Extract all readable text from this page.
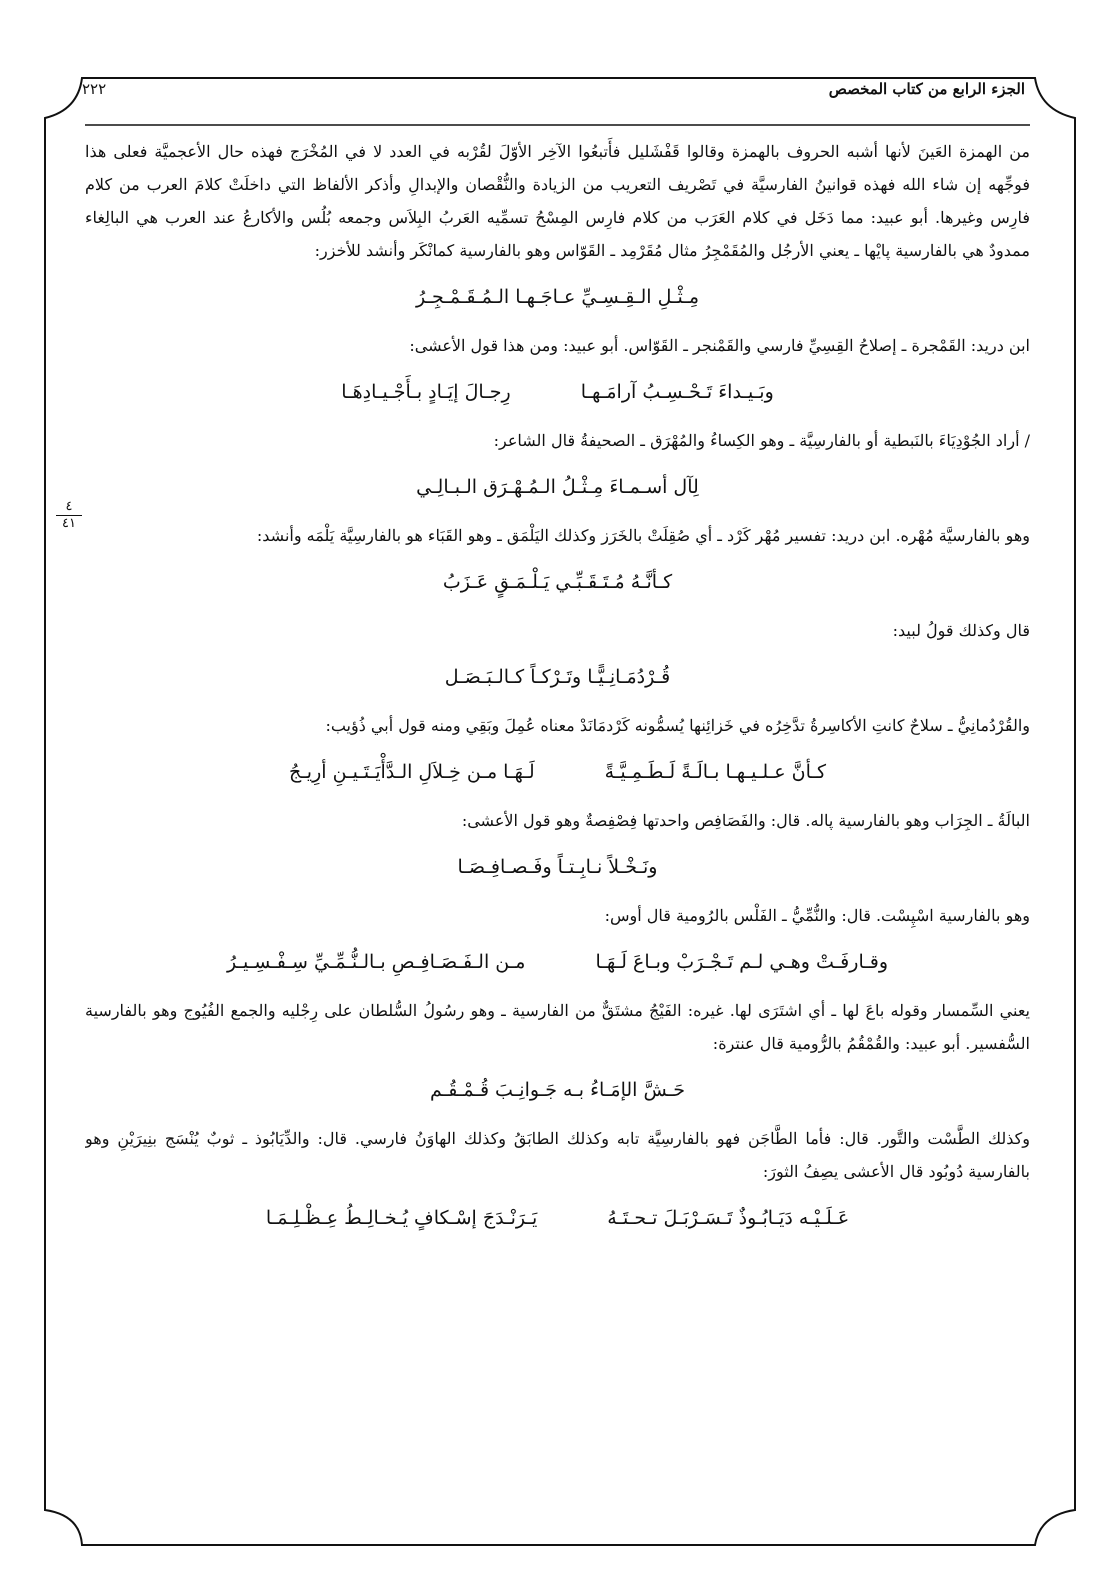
الجزء الرابع من كتاب المخصص
٢٢٢
٤
٤١

من الهمزة العَينَ لأنها أشبه الحروف بالهمزة وقالوا قَفْشَليل فأَتبعُوا الآخِر الأوّلَ لقُرْبه في العدد لا في المُخْرَج فهذه حال الأعجميَّة فعلى هذا فوجِّهه إن شاء الله فهذه قوانينُ الفارسيَّة في تَصْريف التعريب من الزيادة والنُّقْصان والإبدالِ وأذكر الألفاظ التي داخلَتْ كلامَ العرب من كلام فارِس وغيرها. أبو عبيد: مما دَخَل في كلام العَرَب من كلام فارِس المِسْحُ تسمِّيه العَربُ البِلاَس وجمعه بُلُس والأكارعُ عند العرب هي البالِغاء ممدودٌ هي بالفارسية پايْها ـ يعني الأرجُل والمُقَمْجِرُ مثال مُقَرْمِد ـ القَوّاس وهو بالفارسية كمانْكَر وأنشد للأخزر:

مِـثْـلِ الـقِـسِـيِّ عـاجَـهـا الـمُـقَـمْـجِـرُ

ابن دريد: القَمْجرة ـ إصلاحُ القِسِيِّ فارسي والقَمْنجر ـ القَوّاس. أبو عبيد: ومن هذا قول الأعشى:

وبَـيـداءَ تَـحْـسِـبُ آرامَـهـا
رِجـالَ إيَـادٍ بـأَجْـيـادِهَـا

/ أراد الجُوْدِيَاءَ بالنَبطية أو بالفارسِيَّة ـ وهو الكِساءُ والمُهْرَق ـ الصحيفةُ قال الشاعر:

لِآل أسـمـاءَ مِـثْـلُ الـمُـهْـرَق الـبـالِـي

وهو بالفارسيَّة مُهْره. ابن دريد: تفسير مُهْر كَرْد ـ أي صُقِلَتْ بالخَرَز وكذلك اليَلْمَق ـ وهو القَبَاء هو بالفارسِيَّة يَلْمَه وأنشد:

كـأنَّـهُ مُـتَـقَـبِّـي يَـلْـمَـقٍ عَـزَبُ

قال وكذلك قولُ لبيد:

قُـرْدُمَـانِـيًّـا وتَـرْكـاً كـالـبَـصَـل

والقُرْدُمانِيُّ ـ سلاحٌ كانتِ الأكاسِرةُ تدَّخِرُه في خَزائِنها يُسمُّونه كَرْدمَانَدْ معناه عُمِلَ وبَقِي ومنه قول أبي ذُؤيب:

كـأنَّ عـلـيـهـا بـالَـةً لَـطَـمِـيَّـةً
لَـهَـا مـن خِـلاَلِ الـدَّأْيَـتَـيـنِ أرِيـجُ

البالَةُ ـ الجِرَاب وهو بالفارسية پاله. قال: والفَصَافِص واحدتها فِصْفِصةٌ وهو قول الأعشى:

ونَـخْـلاً نـابِـتـاً وفَـصـافِـصَـا

وهو بالفارسية اسْپِسْت. قال: والنُّمِّيُّ ـ الفَلْس بالرُومية قال أوس:

وقـارفَـتْ وهـي لـم تَـجْـرَبْ وبـاعَ لَـهَـا
مـن الـفَـصَـافِـصِ بـالـنُّـمِّـيِّ سِـفْـسِـيـرُ

يعني السِّمسار وقوله باعَ لها ـ أي اشتَرَى لها. غيره: الفَيْجُ مشتَقٌّ من الفارسية ـ وهو رسُولُ السُّلطان على رِجْليه والجمع الفُيُوج وهو بالفارسية السُّفسير. أبو عبيد: والقُمْقُمُ بالرُّومية قال عنترة:

حَـشَّ الإمَـاءُ بـه جَـوانِـبَ قُـمْـقُـم

وكذلك الطَّسْت والتَّور. قال: فأما الطَّاجَن فهو بالفارسِيَّة تابه وكذلك الطابَقُ وكذلك الهاوَنُ فارسي. قال: والدِّيَابُوذ ـ ثوبٌ يُنْسَج بنِيرَيْنِ وهو بالفارسية دُوبُود قال الأعشى يصِفُ الثورَ:

عَـلَـيْـه دَيَـابُـوذٌ تَـسَـرْبَـلَ تـحـتَـهُ
يَـرَنْـدَجَ إسْـكافٍ يُـخـالِـطُ عِـظْـلِـمَـا
